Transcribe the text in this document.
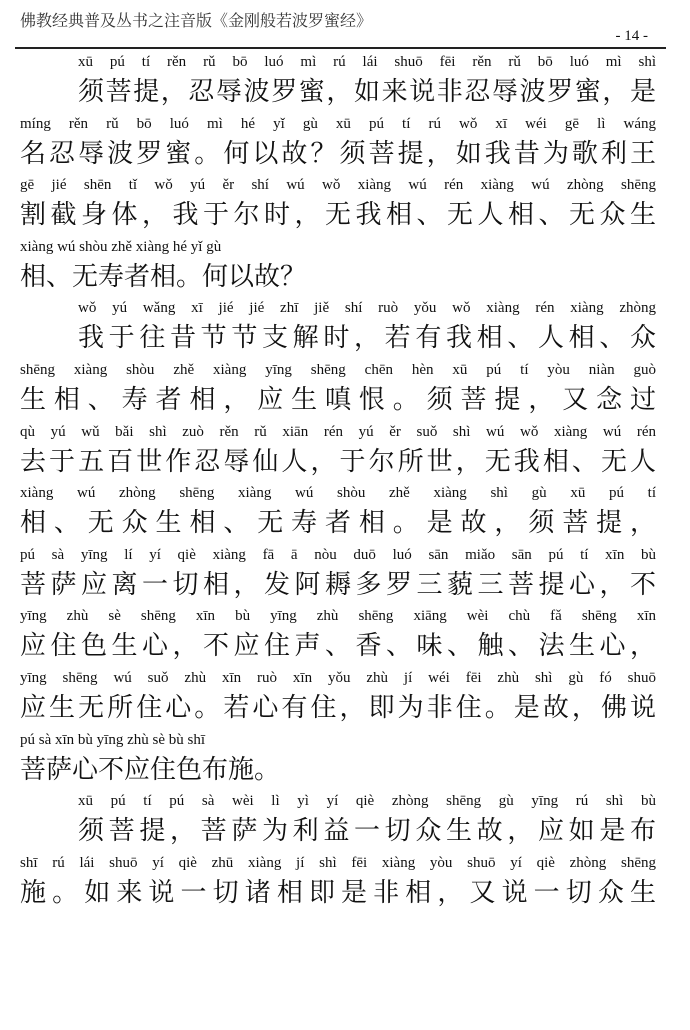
佛教经典普及丛书之注音版《金刚般若波罗蜜经》
- 14 -
xū pú tí rěn rǔ bō luó mì rú lái shuō fēi rěn rǔ bō luó mì shì
须菩提，忍辱波罗蜜，如来说非忍辱波罗蜜，是
míng rěn rǔ bō luó mì hé yǐ gù xū pú tí rú wǒ xī wéi gē lì wáng
名忍辱波罗蜜。何以故？须菩提，如我昔为歌利王
gē jié shēn tǐ wǒ yú ěr shí wú wǒ xiàng wú rén xiàng wú zhòng shēng
割截身体，我于尔时，无我相、无人相、无众生
xiàng wú shòu zhě xiàng hé yǐ gù
相、无寿者相。何以故？
wǒ yú wǎng xī jié jié zhī jiě shí ruò yǒu wǒ xiàng rén xiàng zhòng
我于往昔节节支解时，若有我相、人相、众
shēng xiàng shòu zhě xiàng yīng shēng chēn hèn xū pú tí yòu niàn guò
生相、寿者相，应生嗔恨。须菩提，又念过
qù yú wǔ bǎi shì zuò rěn rǔ xiān rén yú ěr suǒ shì wú wǒ xiàng wú rén
去于五百世作忍辱仙人，于尔所世，无我相、无人
xiàng wú zhòng shēng xiàng wú shòu zhě xiàng shì gù xū pú tí
相、无众生相、无寿者相。是故，须菩提，
pú sà yīng lí yí qiè xiàng fā ā nòu duō luó sān miǎo sān pú tí xīn bù
菩萨应离一切相，发阿耨多罗三藐三菩提心，不
yīng zhù sè shēng xīn bù yīng zhù shēng xiāng wèi chù fǎ shēng xīn
应住色生心，不应住声、香、味、触、法生心，
yīng shēng wú suǒ zhù xīn ruò xīn yǒu zhù jí wéi fēi zhù shì gù fó shuō
应生无所住心。若心有住，即为非住。是故，佛说
pú sà xīn bù yīng zhù sè bù shī
菩萨心不应住色布施。
xū pú tí pú sà wèi lì yì yí qiè zhòng shēng gù yīng rú shì bù
须菩提，菩萨为利益一切众生故，应如是布
shī rú lái shuō yí qiè zhū xiàng jí shì fēi xiàng yòu shuō yí qiè zhòng shēng
施。如来说一切诸相即是非相，又说一切众生
